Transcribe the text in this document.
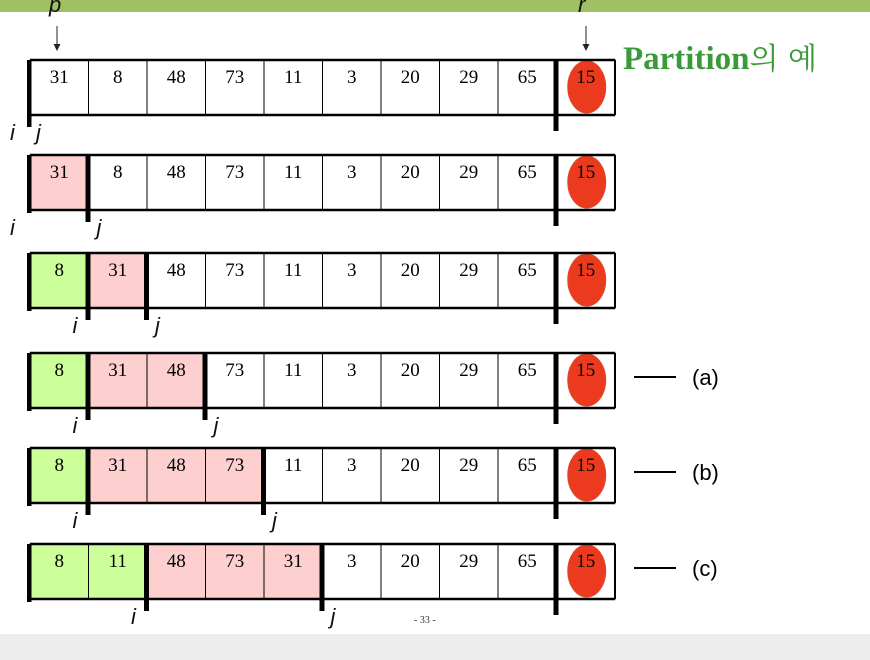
Partition의 예
p	r
31 8 48 73 11 3 20 29 65 15
31 8 48 73 11 3 20 29 65 15
8 31 48 73 11 3 20 29 65 15
8 31 48 73 11 3 20 29 65 15	(a)
8 31 48 73 11 3 20 29 65 15	(b)
8 11 48 73 31 3 20 29 65 15	(c)
i j
i	j
i	j
i	j
i	j
i	j	- 33 -
